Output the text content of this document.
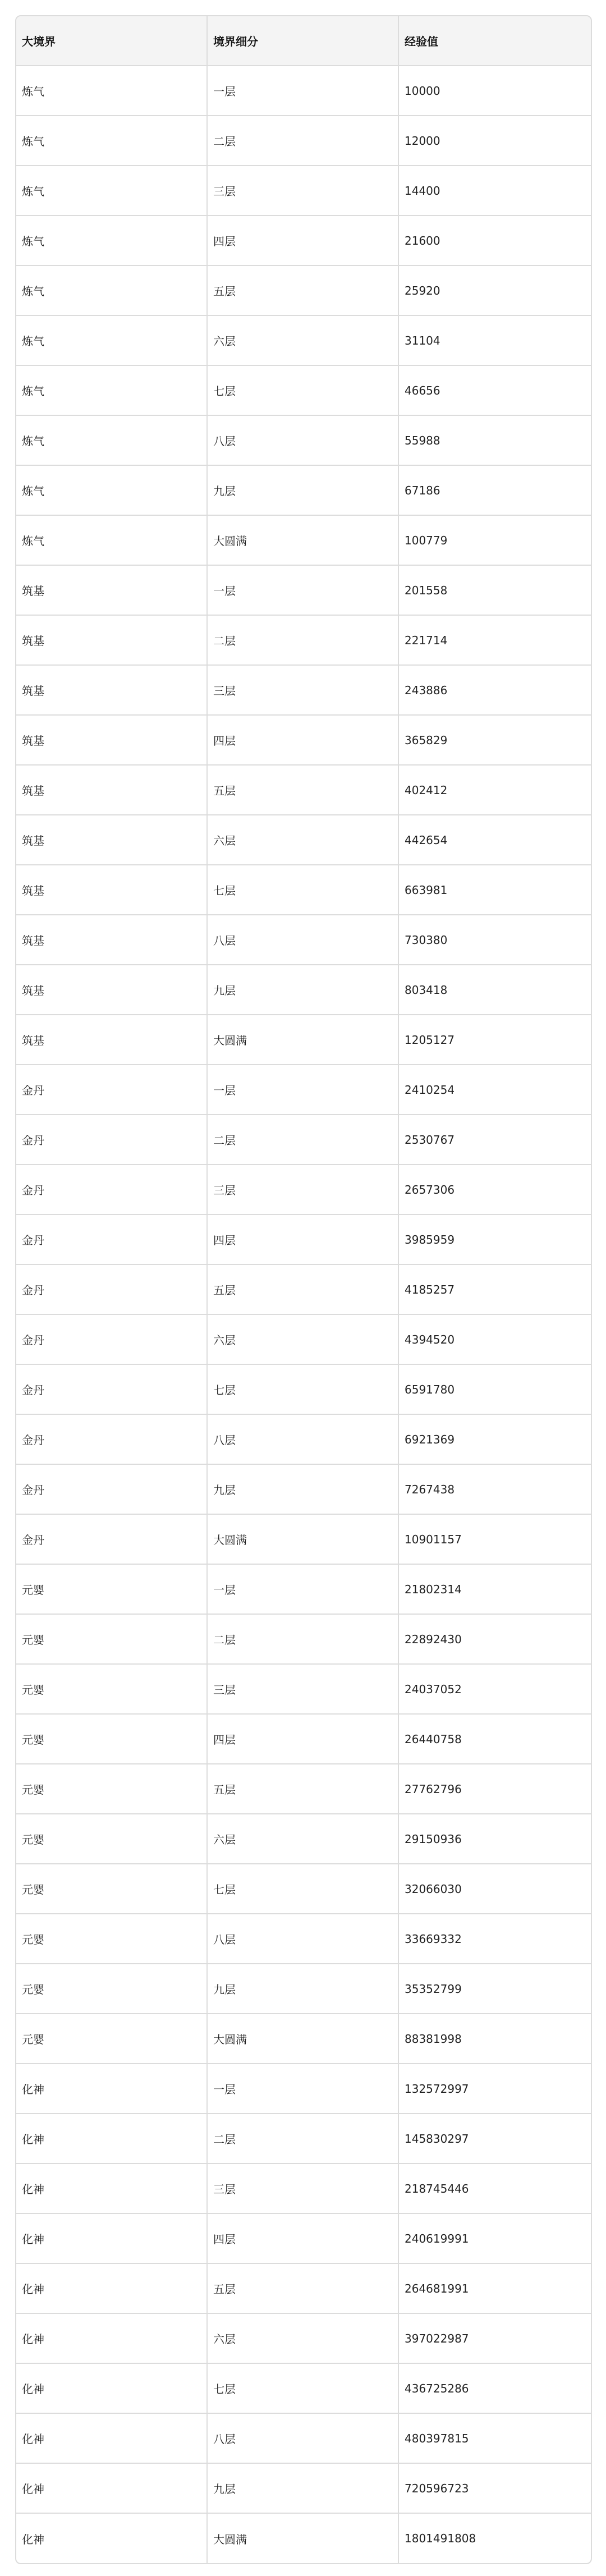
大境界	境界细分	经验值
炼气	一层	10000
炼气	二层	12000
炼气	三层	14400
炼气	四层	21600
炼气	五层	25920
炼气	六层	31104
炼气	七层	46656
炼气	八层	55988
炼气	九层	67186
炼气	大圆满	100779
筑基	一层	201558
筑基	二层	221714
筑基	三层	243886
筑基	四层	365829
筑基	五层	402412
筑基	六层	442654
筑基	七层	663981
筑基	八层	730380
筑基	九层	803418
筑基	大圆满	1205127
金丹	一层	2410254
金丹	二层	2530767
金丹	三层	2657306
金丹	四层	3985959
金丹	五层	4185257
金丹	六层	4394520
金丹	七层	6591780
金丹	八层	6921369
金丹	九层	7267438
金丹	大圆满	10901157
元婴	一层	21802314
元婴	二层	22892430
元婴	三层	24037052
元婴	四层	26440758
元婴	五层	27762796
元婴	六层	29150936
元婴	七层	32066030
元婴	八层	33669332
元婴	九层	35352799
元婴	大圆满	88381998
化神	一层	132572997
化神	二层	145830297
化神	三层	218745446
化神	四层	240619991
化神	五层	264681991
化神	六层	397022987
化神	七层	436725286
化神	八层	480397815
化神	九层	720596723
化神	大圆满	1801491808
